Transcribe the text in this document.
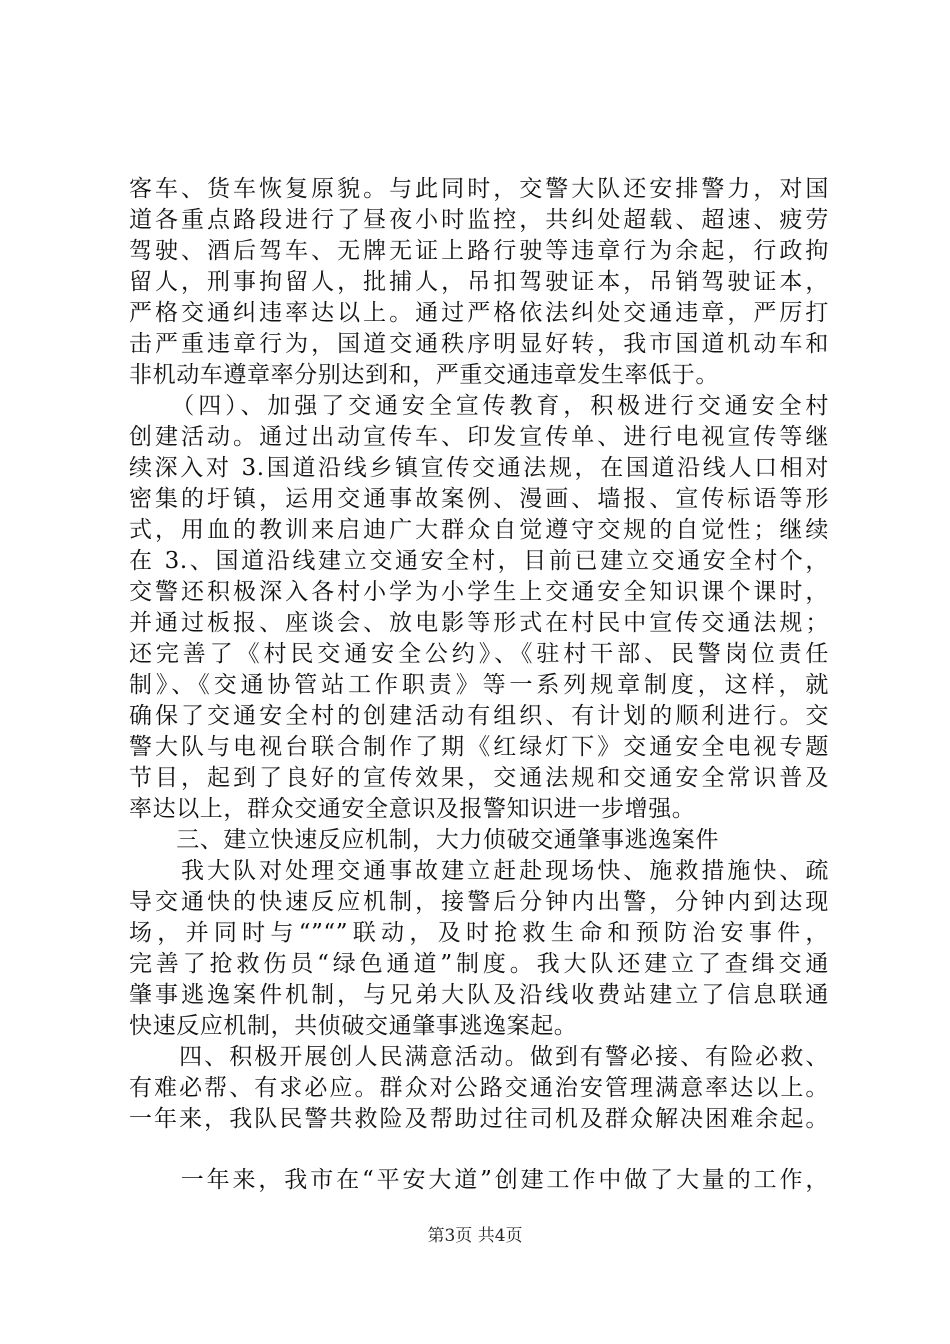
客车、货车恢复原貌。与此同时，交警大队还安排警力，对国
道各重点路段进行了昼夜小时监控，共纠处超载、超速、疲劳
驾驶、酒后驾车、无牌无证上路行驶等违章行为余起，行政拘
留人，刑事拘留人，批捕人，吊扣驾驶证本，吊销驾驶证本，
严格交通纠违率达以上。通过严格依法纠处交通违章，严厉打
击严重违章行为，国道交通秩序明显好转，我市国道机动车和
非机动车遵章率分别达到和，严重交通违章发生率低于。
　　（四）、加强了交通安全宣传教育，积极进行交通安全村
创建活动。通过出动宣传车、印发宣传单、进行电视宣传等继
续深入对 3.国道沿线乡镇宣传交通法规，在国道沿线人口相对
密集的圩镇，运用交通事故案例、漫画、墙报、宣传标语等形
式，用血的教训来启迪广大群众自觉遵守交规的自觉性；继续
在 3.、国道沿线建立交通安全村，目前已建立交通安全村个，
交警还积极深入各村小学为小学生上交通安全知识课个课时，
并通过板报、座谈会、放电影等形式在村民中宣传交通法规；
还完善了《村民交通安全公约》、《驻村干部、民警岗位责任
制》、《交通协管站工作职责》等一系列规章制度，这样，就
确保了交通安全村的创建活动有组织、有计划的顺利进行。交
警大队与电视台联合制作了期《红绿灯下》交通安全电视专题
节目，起到了良好的宣传效果，交通法规和交通安全常识普及
率达以上，群众交通安全意识及报警知识进一步增强。
　　三、建立快速反应机制，大力侦破交通肇事逃逸案件
　　我大队对处理交通事故建立赶赴现场快、施救措施快、疏
导交通快的快速反应机制，接警后分钟内出警，分钟内到达现
场，并同时与“”“”联动，及时抢救生命和预防治安事件，
完善了抢救伤员“绿色通道”制度。我大队还建立了查缉交通
肇事逃逸案件机制，与兄弟大队及沿线收费站建立了信息联通
快速反应机制，共侦破交通肇事逃逸案起。
　　四、积极开展创人民满意活动。做到有警必接、有险必救、
有难必帮、有求必应。群众对公路交通治安管理满意率达以上。
一年来，我队民警共救险及帮助过往司机及群众解决困难余起。
　　一年来，我市在“平安大道”创建工作中做了大量的工作，
第3页 共4页
